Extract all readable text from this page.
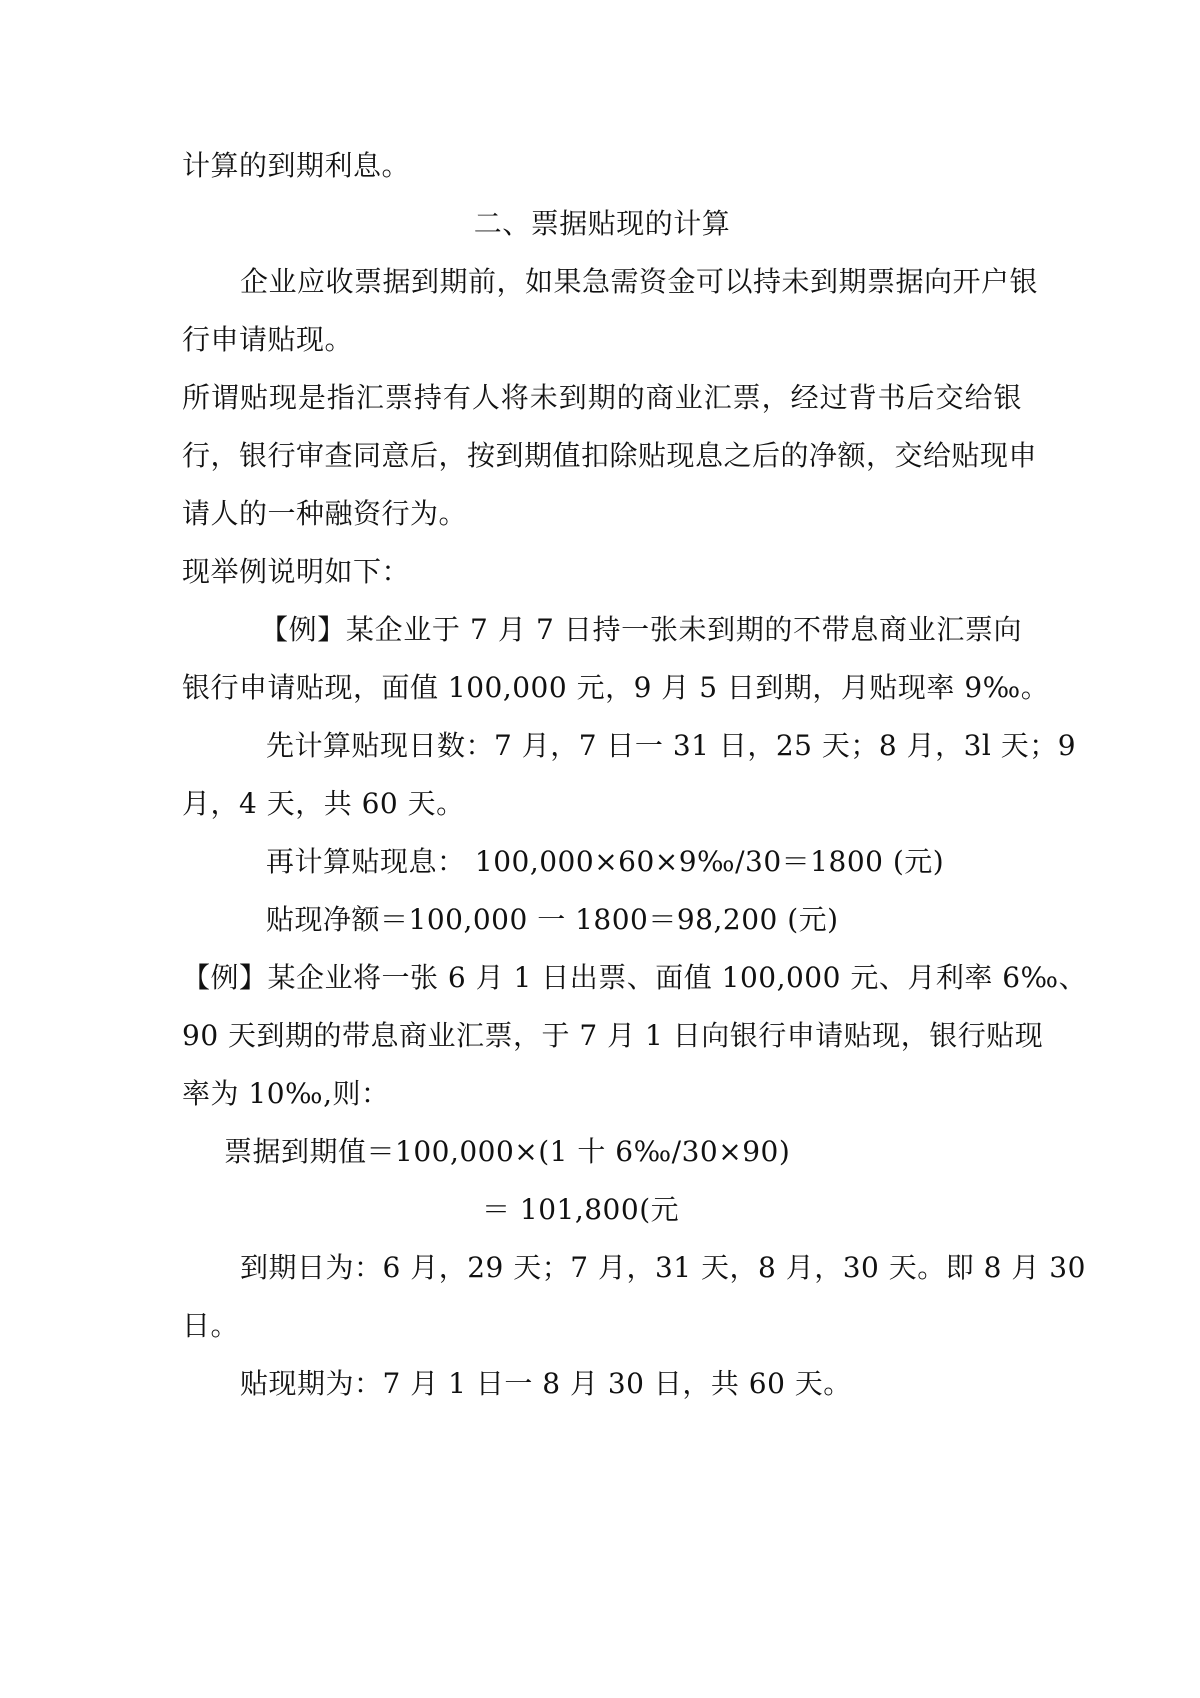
计算的到期利息。
二、票据贴现的计算
企业应收票据到期前，如果急需资金可以持未到期票据向开户银
行申请贴现。
所谓贴现是指汇票持有人将未到期的商业汇票，经过背书后交给银
行，银行审查同意后，按到期值扣除贴现息之后的净额，交给贴现申
请人的一种融资行为。
现举例说明如下：
【例】某企业于 7 月 7 日持一张未到期的不带息商业汇票向
银行申请贴现，面值 100,000 元，9 月 5 日到期，月贴现率 9‰。
先计算贴现日数：7 月，7 日一 31 日，25 天；8 月，3l 天；9
月，4 天，共 60 天。
再计算贴现息： 100,000×60×9‰/30＝1800 (元)
贴现净额＝100,000 一 1800＝98,200 (元)
【例】某企业将一张 6 月 1 日出票、面值 100,000 元、月利率 6‰、
90 天到期的带息商业汇票，于 7 月 1 日向银行申请贴现，银行贴现
率为 10‰,则：
票据到期值＝100,000×(1 十 6‰/30×90)
＝ 101,800(元
到期日为：6 月，29 天；7 月，31 天，8 月，30 天。即 8 月 30
日。
贴现期为：7 月 1 日一 8 月 30 日，共 60 天。
